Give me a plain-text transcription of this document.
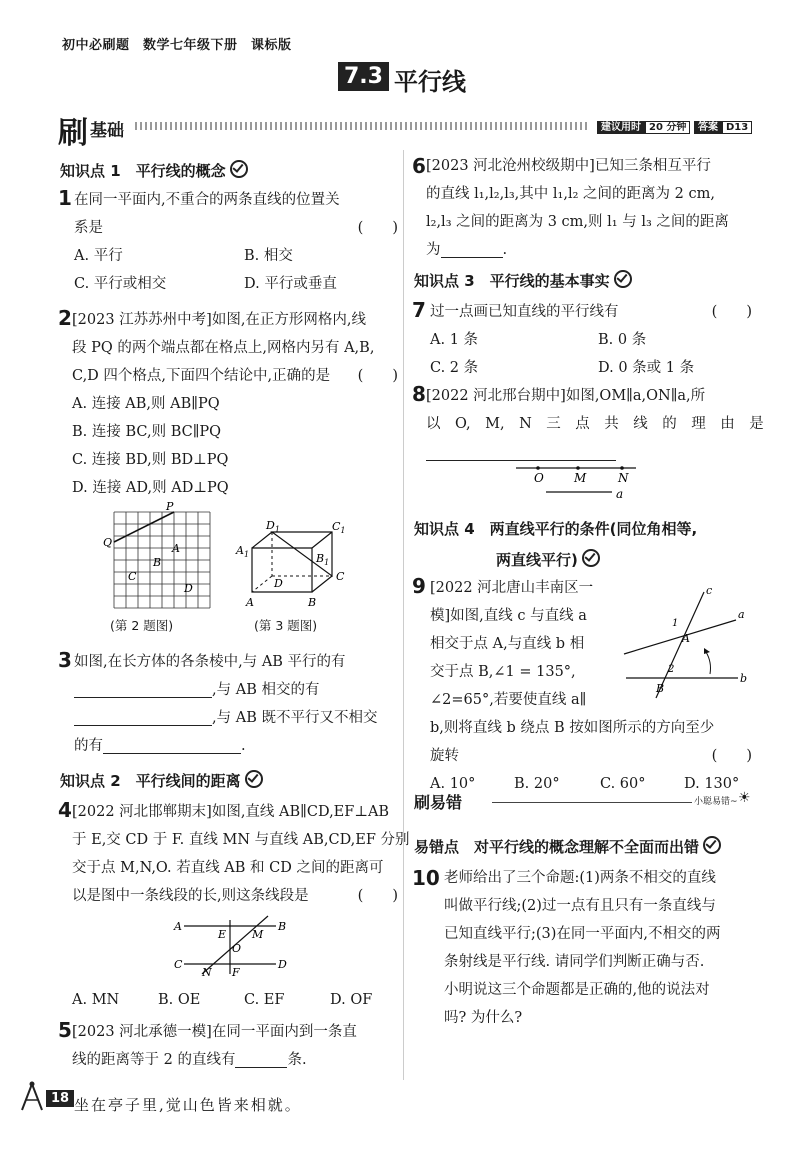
初中必刷题　数学七年级下册　课标版
7.3 平行线
刷 基础	建议用时 20 分钟	答案 D13
知识点 1　平行线的概念
1 在同一平面内,不重合的两条直线的位置关
系是	(　　)
A. 平行	B. 相交
C. 平行或相交	D. 平行或垂直
2 [2023 江苏苏州中考]如图,在正方形网格内,线
段 PQ 的两个端点都在格点上,网格内另有 A,B,
C,D 四个格点,下面四个结论中,正确的是 (　　)
A. 连接 AB,则 AB∥PQ
B. 连接 BC,则 BC∥PQ
C. 连接 BD,则 BD⊥PQ
D. 连接 AD,则 AD⊥PQ
P
Q	A
B
C
D
(第 2 题图)
$D_1$	$C_1$
$A_1$	$B_1$
D
C
A	B
(第 3 题图)
3 如图,在长方体的各条棱中,与 AB 平行的有
,与 AB 相交的有
,与 AB 既不平行又不相交
的有	.
知识点 2　平行线间的距离
4 [2022 河北邯郸期末]如图,直线 AB∥CD,EF⊥AB
于 E,交 CD 于 F. 直线 MN 与直线 AB,CD,EF 分别
交于点 M,N,O. 若直线 AB 和 CD 之间的距离可
以是图中一条线段的长,则这条线段是	(　　)
A
E M
B
O
C
N F
D
A. MN	B. OE	C. EF	D. OF
5 [2023 河北承德一模]在同一平面内到一条直
线的距离等于 2 的直线有	条.
6 [2023 河北沧州校级期中]已知三条相互平行
的直线 l₁,l₂,l₃,其中 l₁,l₂ 之间的距离为 2 cm,
l₂,l₃ 之间的距离为 3 cm,则 l₁ 与 l₃ 之间的距离
为	.
知识点 3　平行线的基本事实
7 过一点画已知直线的平行线有	(　　)
A. 1 条	B. 0 条
C. 2 条	D. 0 条或 1 条
8 [2022 河北邢台期中]如图,OM∥a,ON∥a,所
以　O,　M,　N　三　点　共　线　的　理　由　是
O	M	N
a
知识点 4　两直线平行的条件(同位角相等,
两直线平行)
9 [2022 河北唐山丰南区一
模]如图,直线 c 与直线 a
相交于点 A,与直线 b 相
交于点 B,∠1 = 135°,
∠2=65°,若要使直线 a∥
b,则将直线 b 绕点 B 按如图所示的方向至少
旋转	(　　)
A. 10°	B. 20°	C. 60°	D. 130°
c
a
1
A
2
B
b
刷易错	小聪易错~ ☀
易错点　对平行线的概念理解不全面而出错
10 老师给出了三个命题:(1)两条不相交的直线
叫做平行线;(2)过一点有且只有一条直线与
已知直线平行;(3)在同一平面内,不相交的两
条射线是平行线. 请同学们判断正确与否.
小明说这三个命题都是正确的,他的说法对
吗? 为什么?
18 坐在亭子里,觉山色皆来相就。
